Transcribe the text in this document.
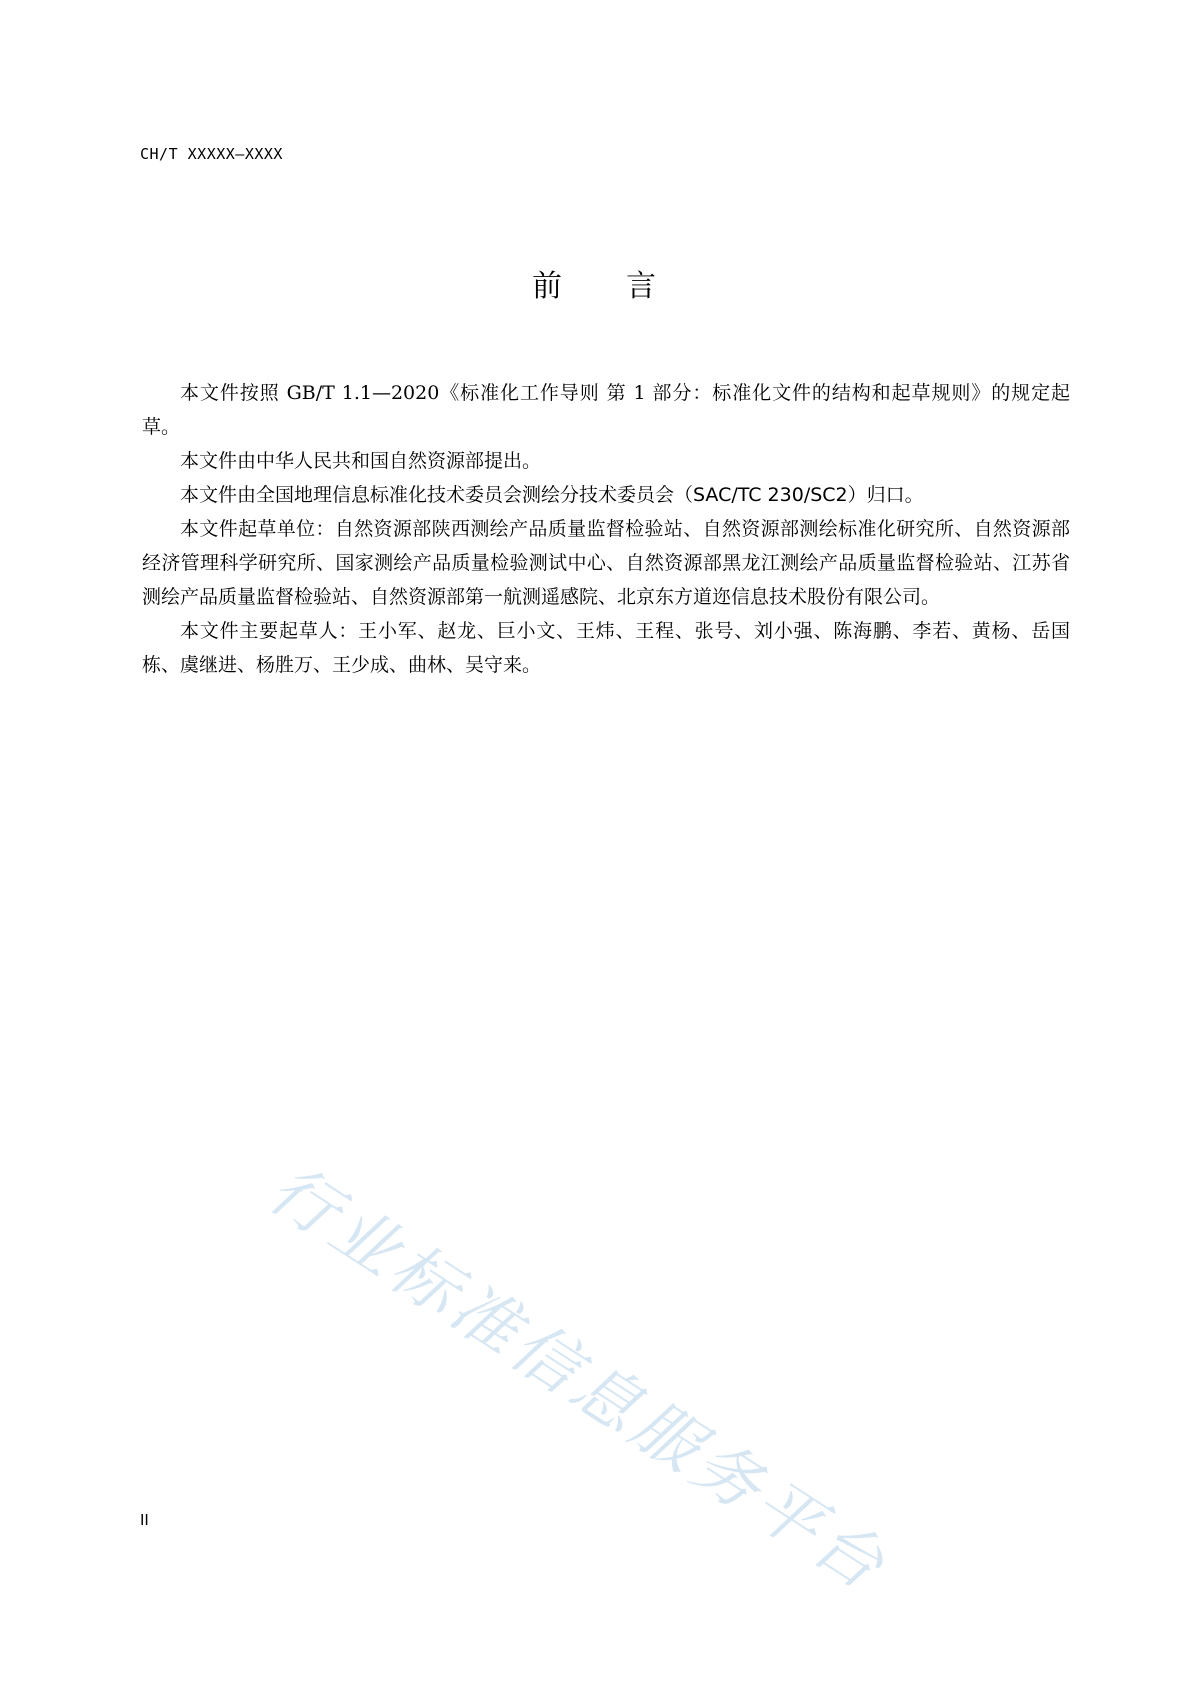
CH/T XXXXX—XXXX
前 言

本文件按照 GB/T 1.1—2020《标准化工作导则 第 1 部分：标准化文件的结构和起草规则》的规定起草。

本文件由中华人民共和国自然资源部提出。

本文件由全国地理信息标准化技术委员会测绘分技术委员会（SAC/TC 230/SC2）归口。

本文件起草单位：自然资源部陕西测绘产品质量监督检验站、自然资源部测绘标准化研究所、自然资源部经济管理科学研究所、国家测绘产品质量检验测试中心、自然资源部黑龙江测绘产品质量监督检验站、江苏省测绘产品质量监督检验站、自然资源部第一航测遥感院、北京东方道迩信息技术股份有限公司。

本文件主要起草人：王小军、赵龙、巨小文、王炜、王程、张号、刘小强、陈海鹏、李若、黄杨、岳国栋、虞继进、杨胜万、王少成、曲林、吴守来。

行业标准信息服务平台
II
